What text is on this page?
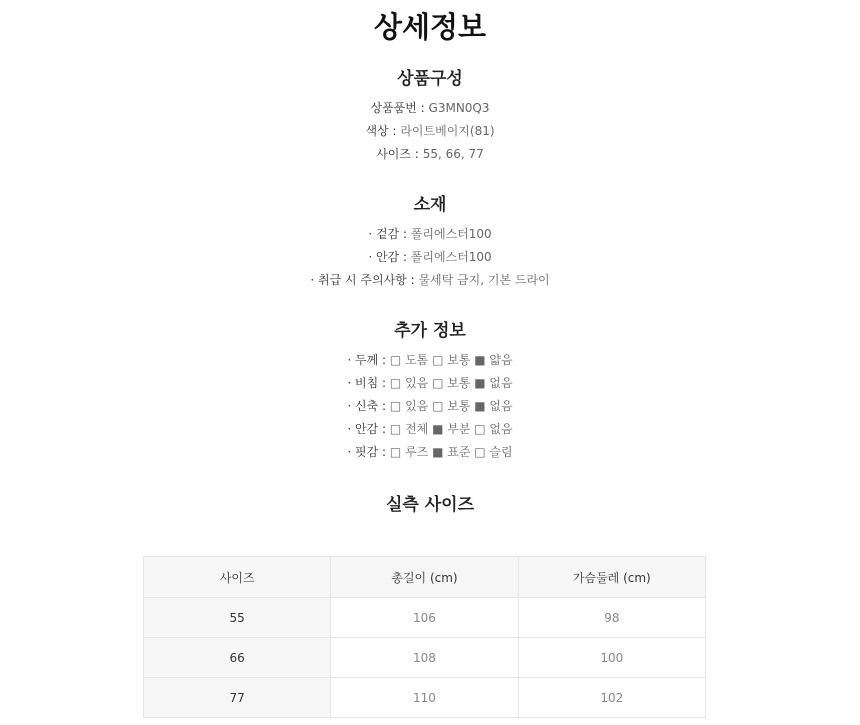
상세정보
상품구성
상품품번 : G3MN0Q3
색상 : 라이트베이지(81)
사이즈 : 55, 66, 77
소재
· 겉감 : 폴리에스터100
· 안감 : 폴리에스터100
· 취급 시 주의사항 : 물세탁 금지, 기본 드라이
추가 정보
· 두께 : □ 도톰 □ 보통 ■ 얇음
· 비침 : □ 있음 □ 보통 ■ 없음
· 신축 : □ 있음 □ 보통 ■ 없음
· 안감 : □ 전체 ■ 부분 □ 없음
· 핏감 : □ 루즈 ■ 표준 □ 슬림
실측 사이즈
사이즈	총길이 (cm)	가슴둘레 (cm)
55	106	98
66	108	100
77	110	102
